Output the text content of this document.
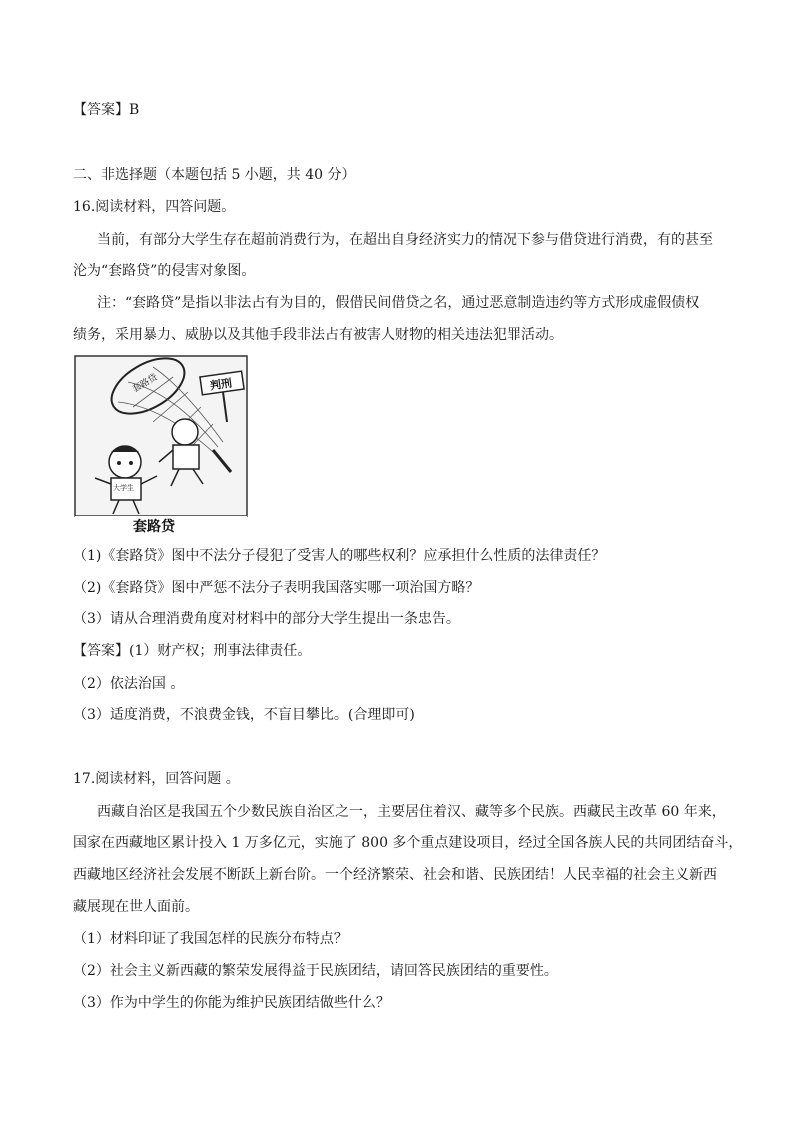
【答案】B
二、非选择题（本题包括 5 小题，共 40 分）
16.阅读材料，四答问题。
当前，有部分大学生存在超前消费行为，在超出自身经济实力的情况下参与借贷进行消费，有的甚至
沦为“套路贷”的侵害对象图。
注：“套路贷”是指以非法占有为目的，假借民间借贷之名，通过恶意制造违约等方式形成虚假债权
绩务，采用暴力、威胁以及其他手段非法占有被害人财物的相关违法犯罪活动。
套路贷	判刑
大学生
套路贷
（1)《套路贷》图中不法分子侵犯了受害人的哪些权利？应承担什么性质的法律责任？
（2)《套路贷》图中严惩不法分子表明我国落实哪一项治国方略？
（3）请从合理消费角度对材料中的部分大学生提出一条忠告。
【答案】(1）财产权；刑事法律责任。
（2）依法治国 。
（3）适度消费，不浪费金钱，不盲目攀比。(合理即可)
17.阅读材料，回答问题 。
西藏自治区是我国五个少数民族自治区之一，主要居住着汉、藏等多个民族。西藏民主改革 60 年来，
国家在西藏地区累计投入 1 万多亿元，实施了 800 多个重点建设项目，经过全国各族人民的共同团结奋斗，
西藏地区经济社会发展不断跃上新台阶。一个经济繁荣、社会和谐、民族团结！人民幸福的社会主义新西
藏展现在世人面前。
（1）材料印证了我国怎样的民族分布特点？
（2）社会主义新西藏的繁荣发展得益于民族团结，请回答民族团结的重要性。
（3）作为中学生的你能为维护民族团结做些什么？
